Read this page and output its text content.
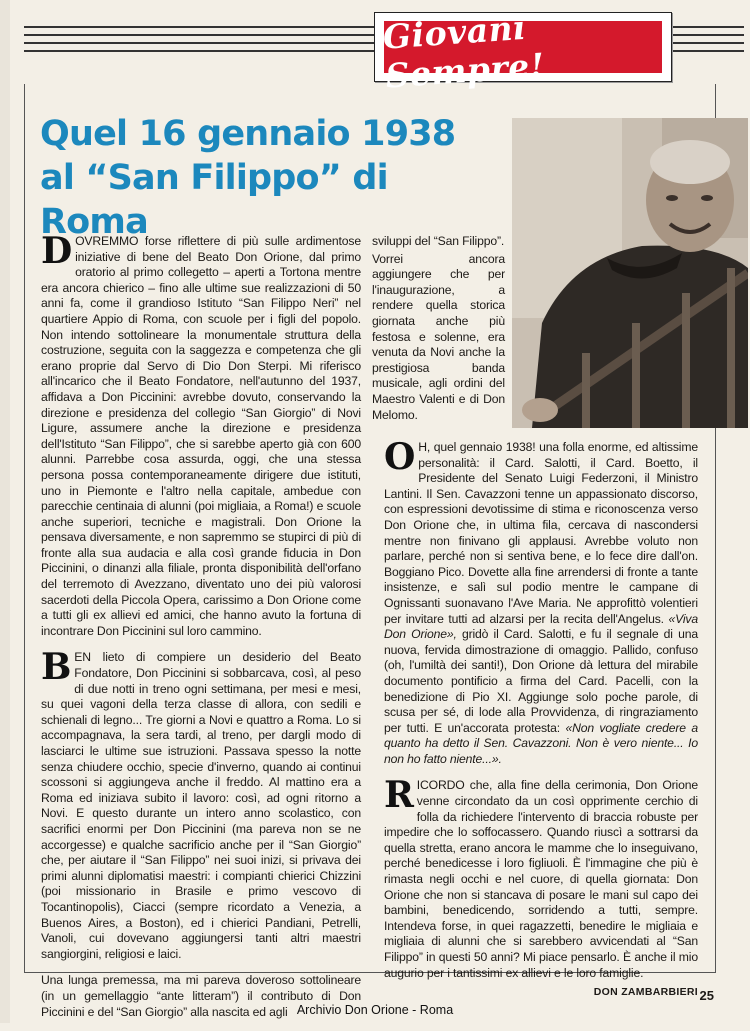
Giovani Sempre!
Quel 16 gennaio 1938
al “San Filippo” di Roma

DOVREMMO forse riflettere di più sulle ardimentose iniziative di bene del Beato Don Orione, dal primo oratorio al primo collegetto – aperti a Tortona mentre era ancora chierico – fino alle ultime sue realizzazioni di 50 anni fa, come il grandioso Istituto “San Filippo Neri” nel quartiere Appio di Roma, con scuole per i figli del popolo. Non intendo sottolineare la monumentale struttura della costruzione, seguita con la saggezza e competenza che gli erano proprie dal Servo di Dio Don Sterpi. Mi riferisco all'incarico che il Beato Fondatore, nell'autunno del 1937, affidava a Don Piccinini: avrebbe dovuto, conservando la direzione e presidenza del collegio “San Giorgio” di Novi Ligure, assumere anche la direzione e presidenza dell'Istituto “San Filippo”, che si sarebbe aperto già con 600 alunni. Parrebbe cosa assurda, oggi, che una stessa persona possa contemporaneamente dirigere due istituti, uno in Piemonte e l'altro nella capitale, ambedue con parecchie centinaia di alunni (poi migliaia, a Roma!) e scuole anche superiori, tecniche e magistrali. Don Orione la pensava diversamente, e non sapremmo se stupirci di più di fronte alla sua audacia e alla così grande fiducia in Don Piccinini, o dinanzi alla filiale, pronta disponibilità dell'orfano del terremoto di Avezzano, diventato uno dei più valorosi sacerdoti della Piccola Opera, carissimo a Don Orione come a tutti gli ex allievi ed amici, che hanno avuto la fortuna di incontrare Don Piccinini sul loro cammino.

BEN lieto di compiere un desiderio del Beato Fondatore, Don Piccinini si sobbarcava, così, al peso di due notti in treno ogni settimana, per mesi e mesi, su quei vagoni della terza classe di allora, con sedili e schienali di legno... Tre giorni a Novi e quattro a Roma. Lo si accompagnava, la sera tardi, al treno, per dargli modo di lasciarci le ultime sue istruzioni. Passava spesso la notte senza chiudere occhio, specie d'inverno, quando ai continui scossoni si aggiungeva anche il freddo. Al mattino era a Roma ed iniziava subito il lavoro: così, ad ogni ritorno a Novi. E questo durante un intero anno scolastico, con sacrifici enormi per Don Piccinini (ma pareva non se ne accorgesse) e qualche sacrificio anche per il “San Giorgio” che, per aiutare il “San Filippo” nei suoi inizi, si privava dei primi alunni diplomatisi maestri: i compianti chierici Chizzini (poi missionario in Brasile e primo vescovo di Tocantinopolis), Ciacci (sempre ricordato a Venezia, a Buenos Aires, a Boston), ed i chierici Pandiani, Petrelli, Vanoli, cui dovevano aggiungersi tanti altri maestri sangiorgini, religiosi e laici.

Una lunga premessa, ma mi pareva doveroso sottolineare (in un gemellaggio “ante litteram”) il contributo di Don Piccinini e del “San Giorgio” alla nascita ed agli

sviluppi del “San Filippo”.

Vorrei ancora aggiungere che per l'inaugurazione, a rendere quella storica giornata anche più festosa e solenne, era venuta da Novi anche la prestigiosa banda musicale, agli ordini del Maestro Valenti e di Don Melomo.

O H, quel gennaio 1938! una folla enorme, ed altissime personalità: il Card. Salotti, il Card. Boetto, il Presidente del Senato Luigi Federzoni, il Ministro Lantini. Il Sen. Cavazzoni tenne un appassionato discorso, con espressioni devotissime di stima e riconoscenza verso Don Orione che, in ultima fila, cercava di nascondersi mentre non finivano gli applausi. Avrebbe voluto non parlare, perché non si sentiva bene, e lo fece dire dall'on. Boggiano Pico. Dovette alla fine arrendersi di fronte a tante insistenze, e salì sul podio mentre le campane di Ognissanti suonavano l'Ave Maria. Ne approfittò volentieri per invitare tutti ad alzarsi per la recita dell'Angelus. «Viva Don Orione», gridò il Card. Salotti, e fu il segnale di una nuova, fervida dimostrazione di omaggio. Pallido, confuso (oh, l'umiltà dei santi!), Don Orione dà lettura del mirabile documento pontificio a firma del Card. Pacelli, con la benedizione di Pio XI. Aggiunge solo poche parole, di scusa per sé, di lode alla Provvidenza, di ringraziamento per tutti. E un'accorata protesta: «Non vogliate credere a quanto ha detto il Sen. Cavazzoni. Non è vero niente... Io non ho fatto niente...».

RICORDO che, alla fine della cerimonia, Don Orione venne circondato da un così opprimente cerchio di folla da richiedere l'intervento di braccia robuste per impedire che lo soffocassero. Quando riuscì a sottrarsi da quella stretta, erano ancora le mamme che lo inseguivano, perché benedicesse i loro figliuoli. È l'immagine che più è rimasta negli occhi e nel cuore, di quella giornata: Don Orione che non si stancava di posare le mani sul capo dei bambini, benedicendo, sorridendo a tutti, sempre. Intendeva forse, in quei ragazzetti, benedire le migliaia e migliaia di alunni che si sarebbero avvicendati al “San Filippo” in questi 50 anni? Mi piace pensarlo. È anche il mio augurio per i tantissimi ex allievi e le loro famiglie.

DON ZAMBARBIERI 25
Archivio Don Orione - Roma
